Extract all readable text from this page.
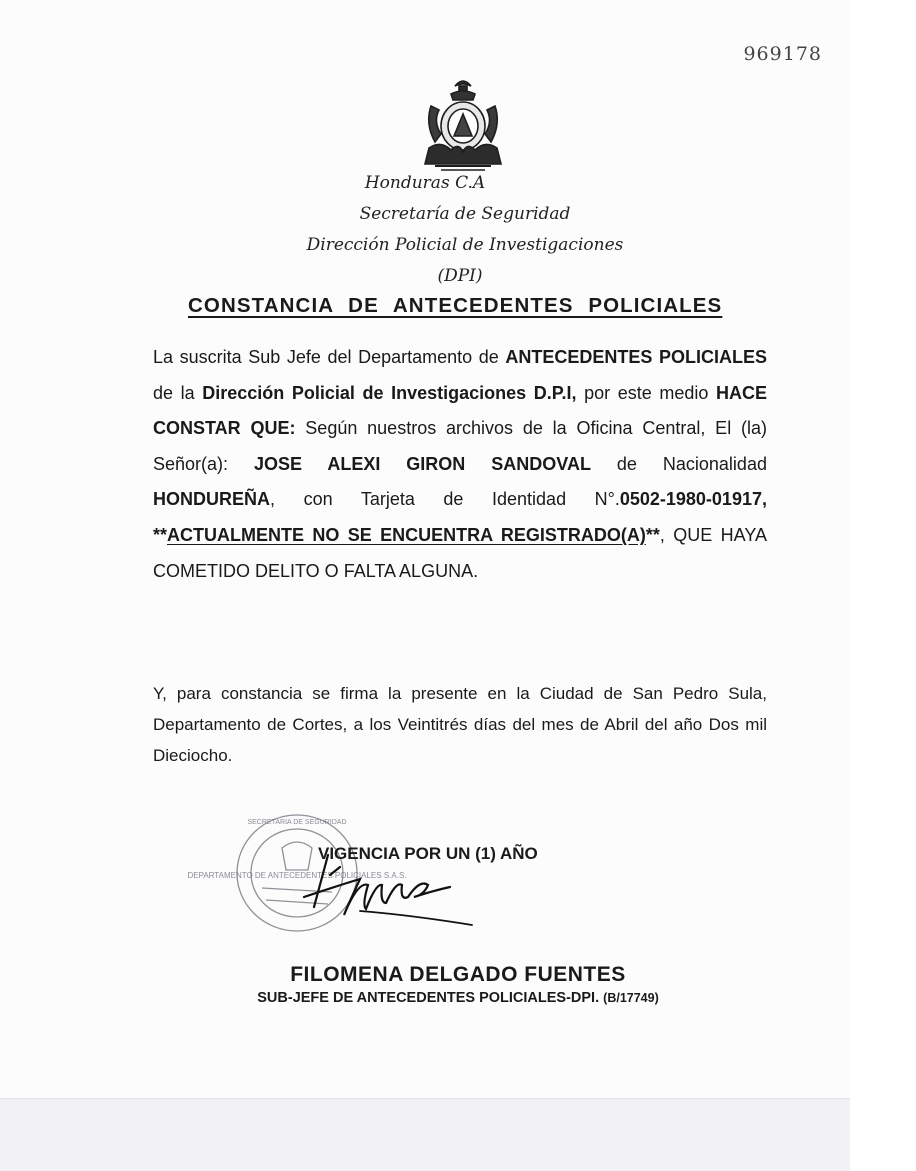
969178
Honduras C.A
Secretaría de Seguridad
Dirección Policial de Investigaciones
(DPI)
CONSTANCIA DE ANTECEDENTES POLICIALES
La suscrita Sub Jefe del Departamento de ANTECEDENTES POLICIALES de la Dirección Policial de Investigaciones D.P.I, por este medio HACE CONSTAR QUE: Según nuestros archivos de la Oficina Central, El (la) Señor(a): JOSE ALEXI GIRON SANDOVAL de Nacionalidad HONDUREÑA, con Tarjeta de Identidad N°.0502-1980-01917, **ACTUALMENTE NO SE ENCUENTRA REGISTRADO(A)**, QUE HAYA COMETIDO DELITO O FALTA ALGUNA.
Y, para constancia se firma la presente en la Ciudad de San Pedro Sula, Departamento de Cortes, a los Veintitrés días del mes de Abril del año Dos mil Dieciocho.
DEPARTAMENTO DE ANTECEDENTES POLICIALES S.A.S.
SECRETARIA DE SEGURIDAD
VIGENCIA POR UN (1) AÑO
FILOMENA DELGADO FUENTES
SUB-JEFE DE ANTECEDENTES POLICIALES-DPI. (B/17749)
